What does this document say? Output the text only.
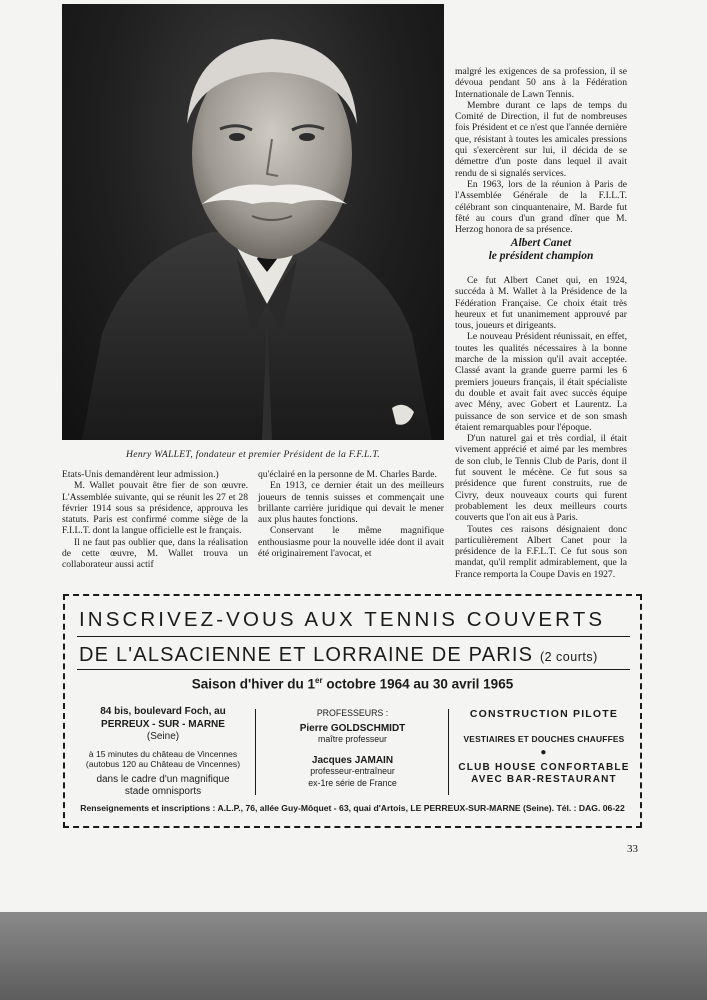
Henry WALLET, fondateur et premier Président de la F.F.L.T.

malgré les exigences de sa profession, il se dévoua pendant 50 ans à la Fédération Internationale de Lawn Tennis.

Membre durant ce laps de temps du Comité de Direction, il fut de nombreuses fois Président et ce n'est que l'année dernière que, résistant à toutes les amicales pressions qui s'exercèrent sur lui, il décida de se démettre d'un poste dans lequel il avait rendu de si signalés services.

En 1963, lors de la réunion à Paris de l'Assemblée Générale de la F.I.L.T. célébrant son cinquantenaire, M. Barde fut fêté au cours d'un grand dîner que M. Herzog honora de sa présence.

Albert Canet
le président champion

Ce fut Albert Canet qui, en 1924, succéda à M. Wallet à la Présidence de la Fédération Française. Ce choix était très heureux et fut unanimement approuvé par tous, joueurs et dirigeants.

Le nouveau Président réunissait, en effet, toutes les qualités nécessaires à la bonne marche de la mission qu'il avait acceptée. Classé avant la grande guerre parmi les 6 premiers joueurs français, il était spécialiste du double et avait fait avec succès équipe avec Mény, avec Gobert et Laurentz. La puissance de son service et de son smash étaient remarquables pour l'époque.

D'un naturel gai et très cordial, il était vivement apprécié et aimé par les membres de son club, le Tennis Club de Paris, dont il fut souvent le mécène. Ce fut sous sa présidence que furent construits, rue de Civry, deux nouveaux courts qui furent probablement les deux meilleurs courts couverts que l'on ait eus à Paris.

Toutes ces raisons désignaient donc particulièrement Albert Canet pour la présidence de la F.F.L.T. Ce fut sous son mandat, qu'il remplit admirablement, que la France remporta la Coupe Davis en 1927.

Etats-Unis demandèrent leur admission.)

M. Wallet pouvait être fier de son œuvre. L'Assemblée suivante, qui se réunit les 27 et 28 février 1914 sous sa présidence, approuva les statuts. Paris est confirmé comme siège de la F.I.L.T. dont la langue officielle est le français.

Il ne faut pas oublier que, dans la réalisation de cette œuvre, M. Wallet trouva un collaborateur aussi actif

qu'éclairé en la personne de M. Charles Barde.

En 1913, ce dernier était un des meilleurs joueurs de tennis suisses et commençait une brillante carrière juridique qui devait le mener aux plus hautes fonctions.

Conservant le même magnifique enthousiasme pour la nouvelle idée dont il avait été originairement l'avocat, et

INSCRIVEZ-VOUS AUX TENNIS COUVERTS
DE L'ALSACIENNE ET LORRAINE DE PARIS (2 courts)
Saison d'hiver du 1er octobre 1964 au 30 avril 1965
84 bis, boulevard Foch, au
PERREUX - SUR - MARNE
(Seine)
à 15 minutes du château de Vincennes
(autobus 120 au Château de Vincennes)
dans le cadre d'un magnifique
stade omnisports
PROFESSEURS :
Pierre GOLDSCHMIDT
maître professeur
Jacques JAMAIN
professeur-entraîneur
ex-1re série de France
CONSTRUCTION PILOTE
VESTIAIRES ET DOUCHES CHAUFFES
●
CLUB HOUSE CONFORTABLE
AVEC BAR-RESTAURANT
Renseignements et inscriptions : A.L.P., 76, allée Guy-Môquet - 63, quai d'Artois, LE PERREUX-SUR-MARNE (Seine). Tél. : DAG. 06-22
33
